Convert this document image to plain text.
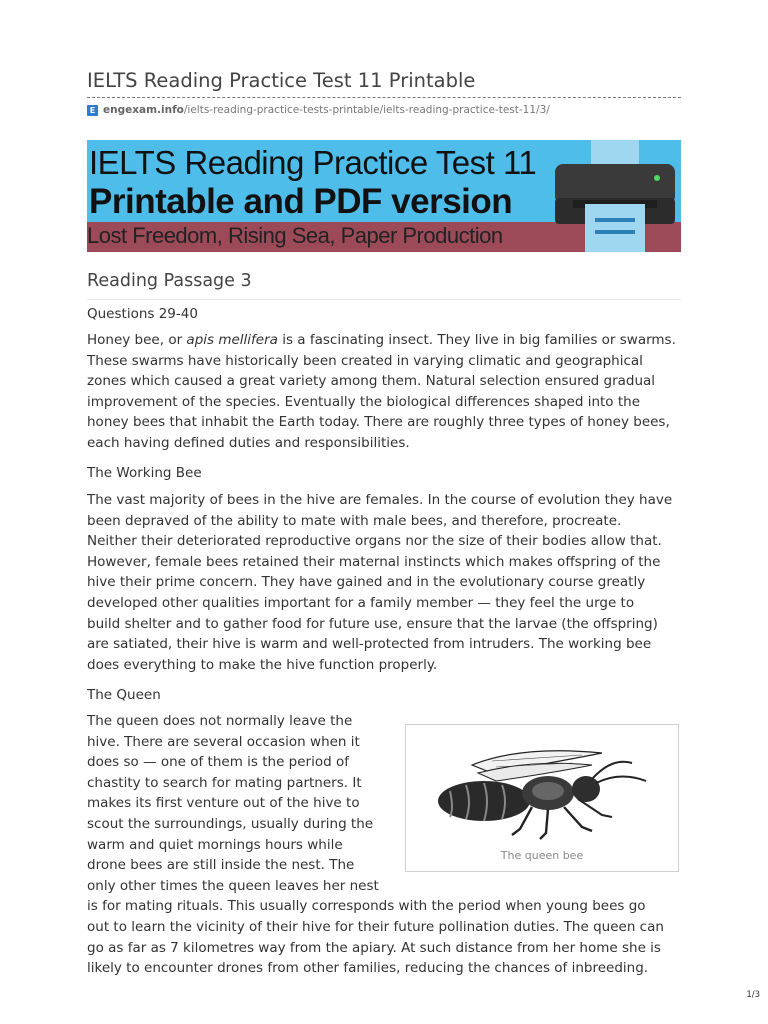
IELTS Reading Practice Test 11 Printable
E engexam.info /ielts-reading-practice-tests-printable/ielts-reading-practice-test-11/3/
IELTS Reading Practice Test 11
Printable and PDF version
Lost Freedom, Rising Sea, Paper Production
Reading Passage 3

Questions 29-40

Honey bee, or apis mellifera is a fascinating insect. They live in big families or swarms.
These swarms have historically been created in varying climatic and geographical
zones which caused a great variety among them. Natural selection ensured gradual
improvement of the species. Eventually the biological differences shaped into the
honey bees that inhabit the Earth today. There are roughly three types of honey bees,
each having defined duties and responsibilities.

The Working Bee

The vast majority of bees in the hive are females. In the course of evolution they have
been depraved of the ability to mate with male bees, and therefore, procreate.
Neither their deteriorated reproductive organs nor the size of their bodies allow that.
However, female bees retained their maternal instincts which makes offspring of the
hive their prime concern. They have gained and in the evolutionary course greatly
developed other qualities important for a family member — they feel the urge to
build shelter and to gather food for future use, ensure that the larvae (the offspring)
are satiated, their hive is warm and well-protected from intruders. The working bee
does everything to make the hive function properly.

The Queen

The queen does not normally leave the
hive. There are several occasion when it
does so — one of them is the period of
chastity to search for mating partners. It
makes its first venture out of the hive to
scout the surroundings, usually during the
warm and quiet mornings hours while
drone bees are still inside the nest. The
only other times the queen leaves her nest
is for mating rituals. This usually corresponds with the period when young bees go
out to learn the vicinity of their hive for their future pollination duties. The queen can
go as far as 7 kilometres way from the apiary. At such distance from her home she is
likely to encounter drones from other families, reducing the chances of inbreeding.

The queen bee
1/3
